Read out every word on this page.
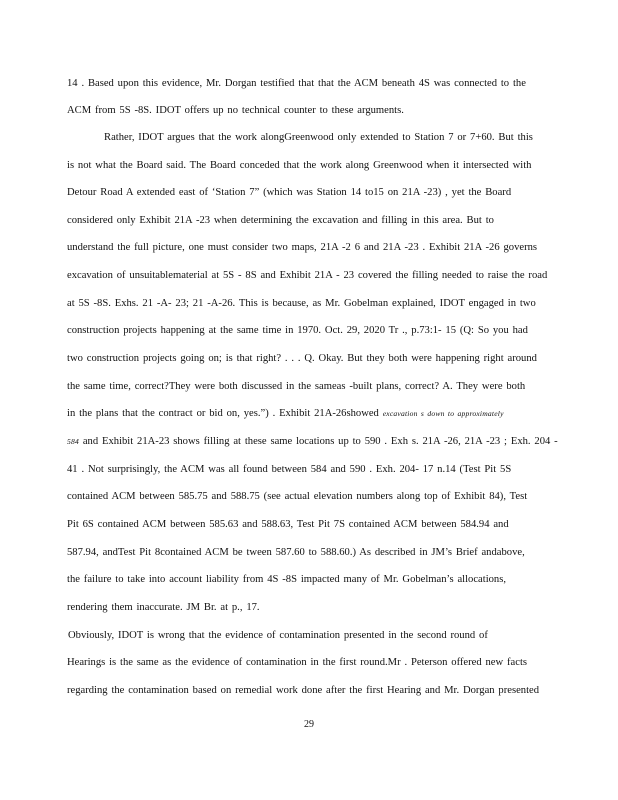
14 . Based upon this evidence, Mr. Dorgan testified that that the ACM beneath 4S was connected to the
ACM from 5S -8S. IDOT offers up no technical counter to these arguments.
Rather, IDOT argues that the work alongGreenwood only extended to Station 7 or 7+60. But this
is not what the Board said. The Board conceded that the work along Greenwood when it intersected with
Detour Road A extended east of ‘Station 7” (which was Station 14 to15 on 21A -23) , yet the Board
considered only Exhibit 21A -23 when determining the excavation and filling in this area. But to
understand the full picture, one must consider two maps, 21A -2 6 and 21A -23 . Exhibit 21A -26 governs
excavation of unsuitablematerial at 5S - 8S and Exhibit 21A - 23 covered the filling needed to raise the road
at 5S -8S. Exhs. 21 -A- 23; 21 -A-26. This is because, as Mr. Gobelman explained, IDOT engaged in two
construction projects happening at the same time in 1970. Oct. 29, 2020 Tr ., p.73:1- 15 (Q: So you had
two construction projects going on; is that right? . . . Q. Okay. But they both were happening right around
the same time, correct?They were both discussed in the sameas -built plans, correct? A. They were both
in the plans that the contract or bid on, yes.”) . Exhibit 21A-26showed excavation s down to approximately
584 and Exhibit 21A-23 shows filling at these same locations up to 590 . Exh s. 21A -26, 21A -23 ; Exh. 204 -
41 . Not surprisingly, the ACM was all found between 584 and 590 . Exh. 204- 17 n.14 (Test Pit 5S
contained ACM between 585.75 and 588.75 (see actual elevation numbers along top of Exhibit 84), Test
Pit 6S contained ACM between 585.63 and 588.63, Test Pit 7S contained ACM between 584.94 and
587.94, andTest Pit 8contained ACM be tween 587.60 to 588.60.) As described in JM’s Brief andabove,
the failure to take into account liability from 4S -8S impacted many of Mr. Gobelman’s allocations,
rendering them inaccurate. JM Br. at p., 17.
Obviously, IDOT is wrong that the evidence of contamination presented in the second round of
Hearings is the same as the evidence of contamination in the first round.Mr . Peterson offered new facts
regarding the contamination based on remedial work done after the first Hearing and Mr. Dorgan presented
29
